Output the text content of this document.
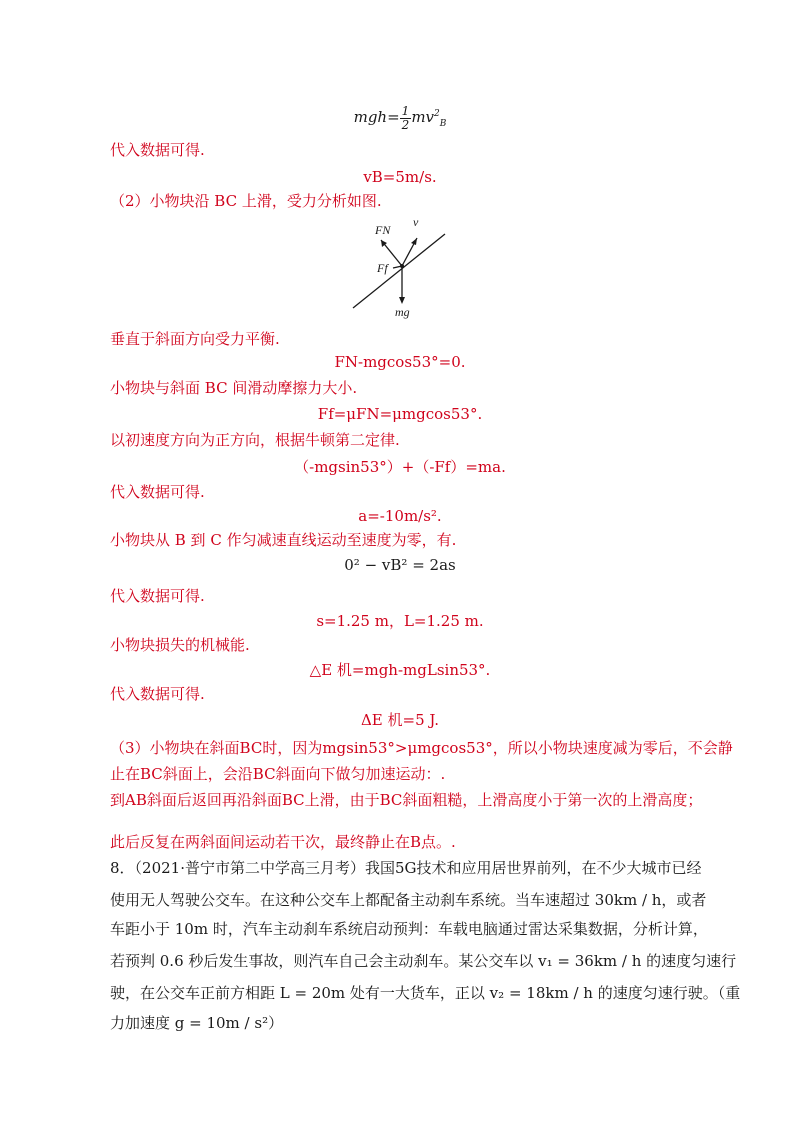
$mgh= \frac{1}{2} mv^2_B$
代入数据可得.
vB=5m/s.
（2）小物块沿 BC 上滑，受力分析如图.
FN
v
Ff
mg
垂直于斜面方向受力平衡.
FN-mgcos53°=0.
小物块与斜面 BC 间滑动摩擦力大小.
Ff=μFN=μmgcos53°.
以初速度方向为正方向，根据牛顿第二定律.
（-mgsin53°）+（-Ff）=ma.
代入数据可得.
a=-10m/s².
小物块从 B 到 C 作匀减速直线运动至速度为零，有.
0² − vB² = 2as
代入数据可得.
s=1.25 m，L=1.25 m.
小物块损失的机械能.
△E 机=mgh-mgLsin53°.
代入数据可得.
ΔE 机=5 J.
（3）小物块在斜面BC时，因为mgsin53°>μmgcos53°，所以小物块速度减为零后，不会静
止在BC斜面上，会沿BC斜面向下做匀加速运动：.
到AB斜面后返回再沿斜面BC上滑，由于BC斜面粗糙，上滑高度小于第一次的上滑高度；
此后反复在两斜面间运动若干次，最终静止在B点。.
8．（2021·普宁市第二中学高三月考）我国5G技术和应用居世界前列，在不少大城市已经
使用无人驾驶公交车。在这种公交车上都配备主动刹车系统。当车速超过 30km / h，或者
车距小于 10m 时，汽车主动刹车系统启动预判：车载电脑通过雷达采集数据，分析计算，
若预判 0.6 秒后发生事故，则汽车自己会主动刹车。某公交车以 v₁ = 36km / h 的速度匀速行
驶，在公交车正前方相距 L = 20m 处有一大货车，正以 v₂ = 18km / h 的速度匀速行驶。（重
力加速度 g = 10m / s²）
